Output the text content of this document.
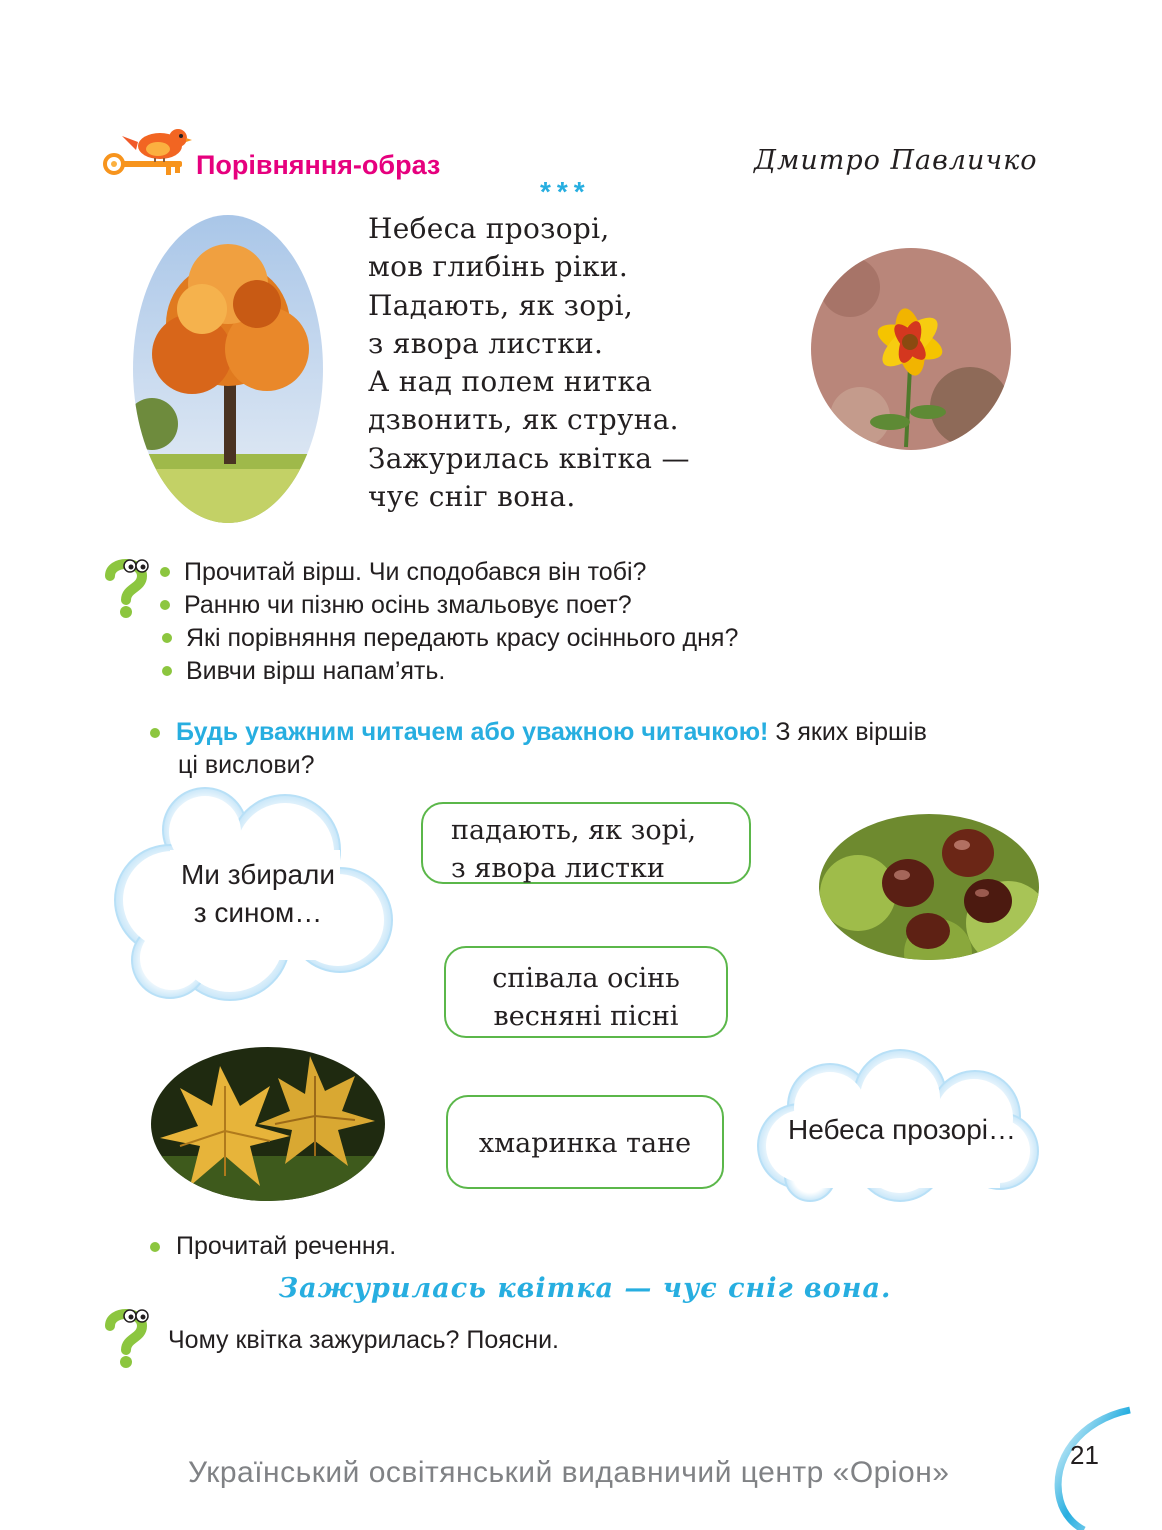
Порівняння-образ	Дмитро Павличко
***
Небеса прозорі,
мов глибінь ріки.
Падають, як зорі,
з явора листки.
А над полем нитка
дзвонить, як струна.
Зажурилась квітка —
чує сніг вона.
Прочитай вірш. Чи сподобався він тобі?
Ранню чи пізню осінь змальовує поет?
Які порівняння передають красу осіннього дня?
Вивчи вірш напам’ять.
Будь уважним читачем або уважною читачкою! З яких віршів
ці вислови?
Ми збирали
з сином…
падають, як зорі,
з явора листки
співала осінь
весняні пісні
хмаринка тане	Небеса прозорі…
Прочитай речення.
Зажурилась квітка — чує сніг вона.
Чому квітка зажурилась? Поясни.
Український освітянський видавничий центр «Оріон»
21
